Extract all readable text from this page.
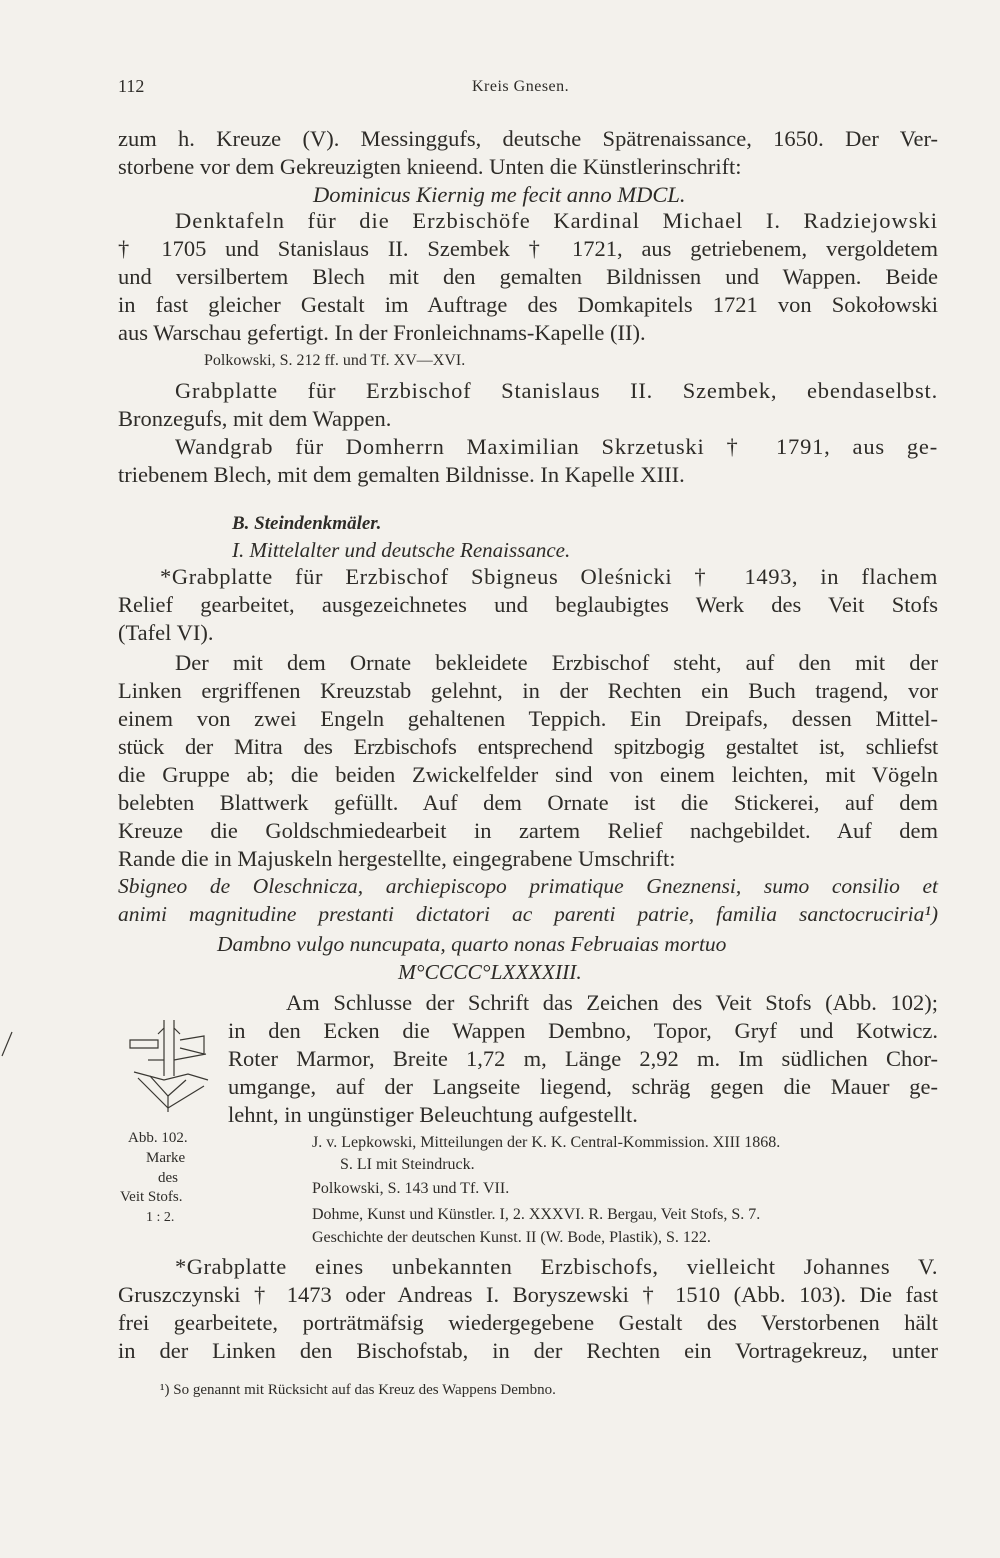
112	Kreis Gnesen.
zum h. Kreuze (V). Messinggufs, deutsche Spätrenaissance, 1650. Der Ver-
storbene vor dem Gekreuzigten knieend. Unten die Künstlerinschrift:
Dominicus Kiernig me fecit anno MDCL.
Denktafeln für die Erzbischöfe Kardinal Michael I. Radziejowski
† 1705 und Stanislaus II. Szembek † 1721, aus getriebenem, vergoldetem
und versilbertem Blech mit den gemalten Bildnissen und Wappen. Beide
in fast gleicher Gestalt im Auftrage des Domkapitels 1721 von Sokołowski
aus Warschau gefertigt. In der Fronleichnams-Kapelle (II).
Polkowski, S. 212 ff. und Tf. XV—XVI.
Grabplatte für Erzbischof Stanislaus II. Szembek, ebendaselbst.
Bronzegufs, mit dem Wappen.
Wandgrab für Domherrn Maximilian Skrzetuski † 1791, aus ge-
triebenem Blech, mit dem gemalten Bildnisse. In Kapelle XIII.
B. Steindenkmäler.
I. Mittelalter und deutsche Renaissance.
*Grabplatte für Erzbischof Sbigneus Oleśnicki † 1493, in flachem
Relief gearbeitet, ausgezeichnetes und beglaubigtes Werk des Veit Stofs
(Tafel VI).
Der mit dem Ornate bekleidete Erzbischof steht, auf den mit der
Linken ergriffenen Kreuzstab gelehnt, in der Rechten ein Buch tragend, vor
einem von zwei Engeln gehaltenen Teppich. Ein Dreipafs, dessen Mittel-
stück der Mitra des Erzbischofs entsprechend spitzbogig gestaltet ist, schliefst
die Gruppe ab; die beiden Zwickelfelder sind von einem leichten, mit Vögeln
belebten Blattwerk gefüllt. Auf dem Ornate ist die Stickerei, auf dem
Kreuze die Goldschmiedearbeit in zartem Relief nachgebildet. Auf dem
Rande die in Majuskeln hergestellte, eingegrabene Umschrift:
Sbigneo de Oleschnicza, archiepiscopo primatique Gneznensi, sumo consilio et
animi magnitudine prestanti dictatori ac parenti patrie, familia sanctocruciria¹)
Dambno vulgo nuncupata, quarto nonas Februaias mortuo
M°CCCC°LXXXXIII.
Abb. 102.
Marke
des
Veit Stofs.
1 : 2.
Am Schlusse der Schrift das Zeichen des Veit Stofs (Abb. 102);
in den Ecken die Wappen Dembno, Topor, Gryf und Kotwicz.
Roter Marmor, Breite 1,72 m, Länge 2,92 m. Im südlichen Chor-
umgange, auf der Langseite liegend, schräg gegen die Mauer ge-
lehnt, in ungünstiger Beleuchtung aufgestellt.
J. v. Lepkowski, Mitteilungen der K. K. Central-Kommission. XIII 1868.
S. LI mit Steindruck.
Polkowski, S. 143 und Tf. VII.
Dohme, Kunst und Künstler. I, 2. XXXVI. R. Bergau, Veit Stofs, S. 7.
Geschichte der deutschen Kunst. II (W. Bode, Plastik), S. 122.
*Grabplatte eines unbekannten Erzbischofs, vielleicht Johannes V.
Gruszczynski † 1473 oder Andreas I. Boryszewski † 1510 (Abb. 103). Die fast
frei gearbeitete, porträtmäfsig wiedergegebene Gestalt des Verstorbenen hält
in der Linken den Bischofstab, in der Rechten ein Vortragekreuz, unter
¹) So genannt mit Rücksicht auf das Kreuz des Wappens Dembno.
